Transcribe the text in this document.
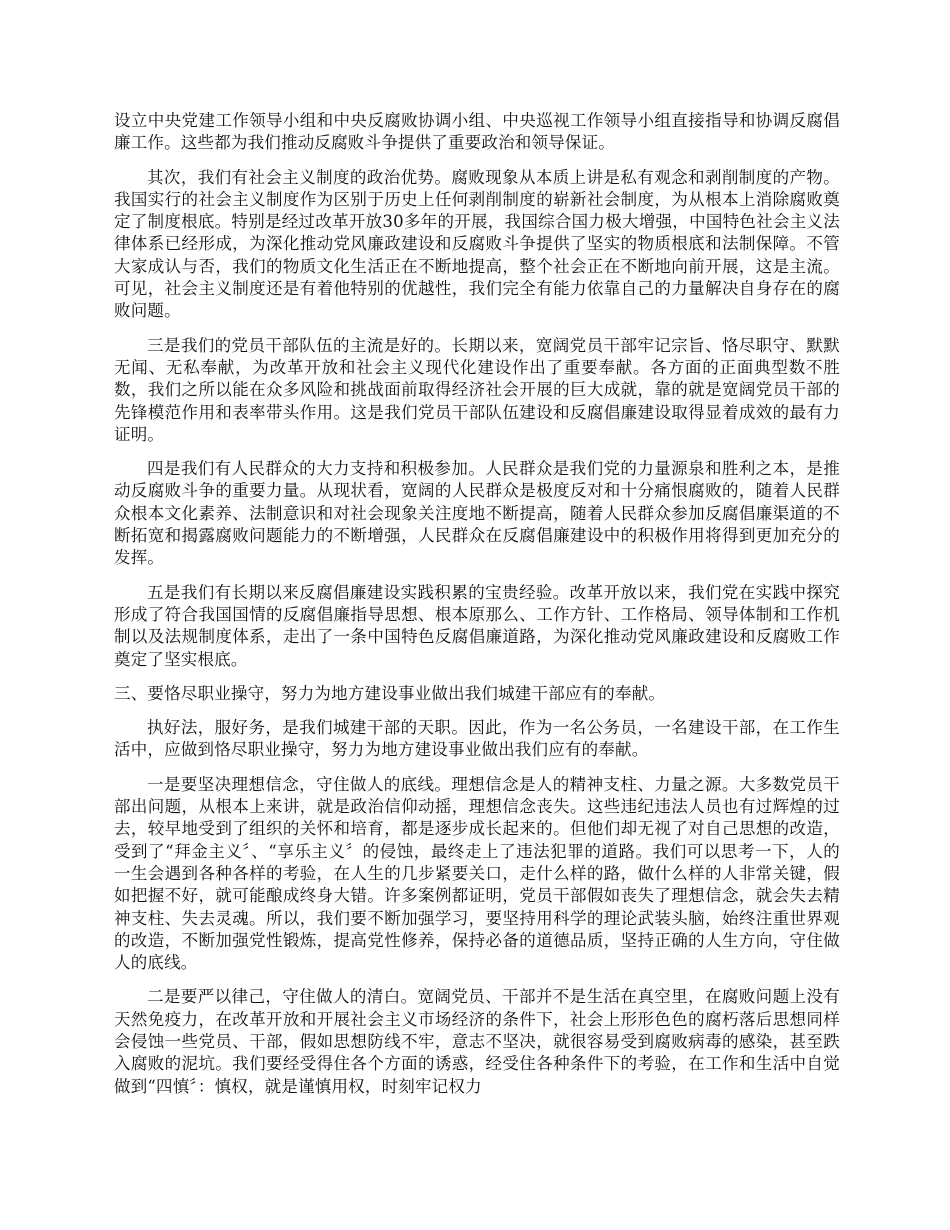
设立中央党建工作领导小组和中央反腐败协调小组、中央巡视工作领导小组直接指导和协调反腐倡廉工作。这些都为我们推动反腐败斗争提供了重要政治和领导保证。

其次，我们有社会主义制度的政治优势。腐败现象从本质上讲是私有观念和剥削制度的产物。我国实行的社会主义制度作为区别于历史上任何剥削制度的崭新社会制度，为从根本上消除腐败奠定了制度根底。特别是经过改革开放30多年的开展，我国综合国力极大增强，中国特色社会主义法律体系已经形成，为深化推动党风廉政建设和反腐败斗争提供了坚实的物质根底和法制保障。不管大家成认与否，我们的物质文化生活正在不断地提高，整个社会正在不断地向前开展，这是主流。可见，社会主义制度还是有着他特别的优越性，我们完全有能力依靠自己的力量解决自身存在的腐败问题。

三是我们的党员干部队伍的主流是好的。长期以来，宽阔党员干部牢记宗旨、恪尽职守、默默无闻、无私奉献，为改革开放和社会主义现代化建设作出了重要奉献。各方面的正面典型数不胜数，我们之所以能在众多风险和挑战面前取得经济社会开展的巨大成就，靠的就是宽阔党员干部的先锋模范作用和表率带头作用。这是我们党员干部队伍建设和反腐倡廉建设取得显着成效的最有力证明。

四是我们有人民群众的大力支持和积极参加。人民群众是我们党的力量源泉和胜利之本，是推动反腐败斗争的重要力量。从现状看，宽阔的人民群众是极度反对和十分痛恨腐败的，随着人民群众根本文化素养、法制意识和对社会现象关注度地不断提高，随着人民群众参加反腐倡廉渠道的不断拓宽和揭露腐败问题能力的不断增强，人民群众在反腐倡廉建设中的积极作用将得到更加充分的发挥。

五是我们有长期以来反腐倡廉建设实践积累的宝贵经验。改革开放以来，我们党在实践中探究形成了符合我国国情的反腐倡廉指导思想、根本原那么、工作方针、工作格局、领导体制和工作机制以及法规制度体系，走出了一条中国特色反腐倡廉道路，为深化推动党风廉政建设和反腐败工作奠定了坚实根底。

三、要恪尽职业操守，努力为地方建设事业做出我们城建干部应有的奉献。

执好法，服好务，是我们城建干部的天职。因此，作为一名公务员，一名建设干部，在工作生活中，应做到恪尽职业操守，努力为地方建设事业做出我们应有的奉献。

一是要坚决理想信念，守住做人的底线。理想信念是人的精神支柱、力量之源。大多数党员干部出问题，从根本上来讲，就是政治信仰动摇，理想信念丧失。这些违纪违法人员也有过辉煌的过去，较早地受到了组织的关怀和培育，都是逐步成长起来的。但他们却无视了对自己思想的改造，受到了“拜金主义〞、“享乐主义〞的侵蚀，最终走上了违法犯罪的道路。我们可以思考一下，人的一生会遇到各种各样的考验，在人生的几步紧要关口，走什么样的路，做什么样的人非常关键，假如把握不好，就可能酿成终身大错。许多案例都证明，党员干部假如丧失了理想信念，就会失去精神支柱、失去灵魂。所以，我们要不断加强学习，要坚持用科学的理论武装头脑，始终注重世界观的改造，不断加强党性锻炼，提高党性修养，保持必备的道德品质，坚持正确的人生方向，守住做人的底线。

二是要严以律己，守住做人的清白。宽阔党员、干部并不是生活在真空里，在腐败问题上没有天然免疫力，在改革开放和开展社会主义市场经济的条件下，社会上形形色色的腐朽落后思想同样会侵蚀一些党员、干部，假如思想防线不牢，意志不坚决，就很容易受到腐败病毒的感染，甚至跌入腐败的泥坑。我们要经受得住各个方面的诱惑，经受住各种条件下的考验，在工作和生活中自觉做到“四慎〞：慎权，就是谨慎用权，时刻牢记权力
